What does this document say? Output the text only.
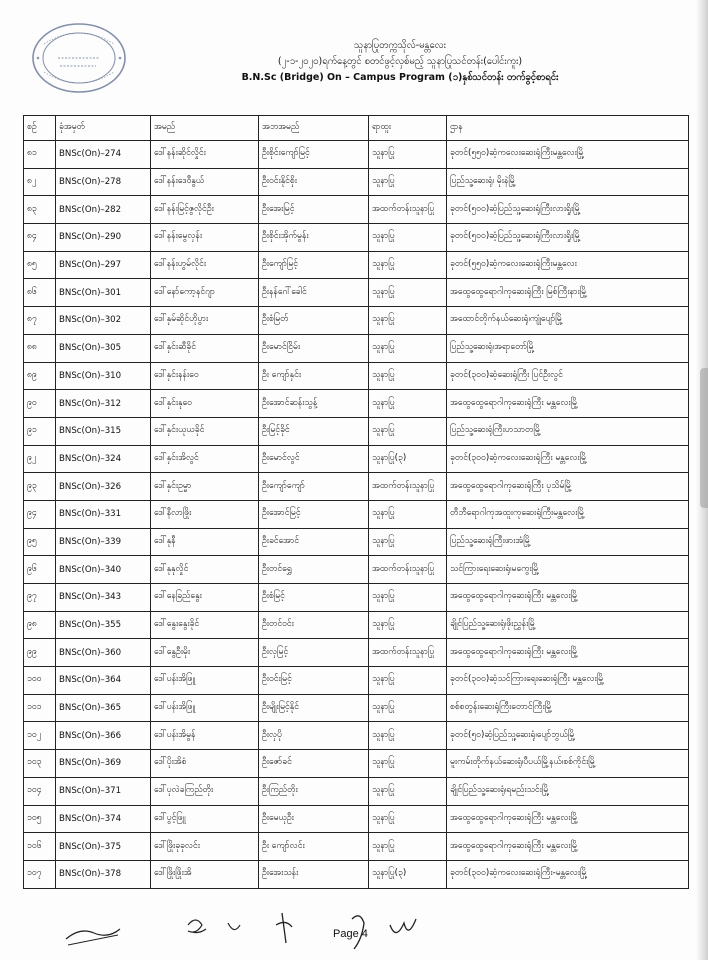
သူနာပြုတက္ကသိုလ်-မန္တလေး
(၂-၁-၂၀၂၀)ရက်နေ့တွင် စတင်ဖွင့်လှစ်မည့် သူနာပြုသင်တန်း(ပေါင်းကူး)
B.N.Sc (Bridge) On – Campus Program (၁)နှစ်သင်တန်း တက်ခွင့်စာရင်း
စဉ်	ခုံအမှတ်	အမည်	အဘအမည်	ရာထူး	ဌာန
၈၁	BNSc(On)–274	ဒေါ်နန်းဆိုင်လှိုင်း	ဦးစိုင်းကျော်မြင့်	သူနာပြု	ခုတင်(၅၅၀)ဆံ့ကလေးဆေးရုံကြီးမန္တလေးမြို့
၈၂	BNSc(On)–278	ဒေါ်နန်းဒေဝီနွယ်	ဦးဝင်းနိုင်စိုး	သူနာပြု	ပြည်သူ့ဆေးရုံ၊ မိုးနဲမြို့
၈၃	BNSc(On)–282	ဒေါ်နန်းမြင့်ဇွလိုင်ဦး	ဦးအေးမြင့်	အထက်တန်းသူနာပြု	ခုတင်(၅၀၀)ဆံ့ပြည်သူ့ဆေးရုံကြီးလားရှိုးမြို့
၈၄	BNSc(On)–290	ဒေါ်နန်းမွေလှန်း	ဦးစိုင်းအိုက်မွန်း	သူနာပြု	ခုတင်(၅၀၀)ဆံ့ပြည်သူ့ဆေးရုံကြီးလားရှိုးမြို့
၈၅	BNSc(On)–297	ဒေါ်နန်းဟွမ်လိုင်း	ဦးကျော်မြင့်	သူနာပြု	ခုတင်(၅၅၀)ဆံ့ကလေးဆေးရုံကြီးမန္တလေး
၈၆	BNSc(On)–301	ဒေါ်နော်ကော့နင်ဂျာ	ဦးနန်ဂေါ်ခေါင်	သူနာပြု	အထွေထွေရောဂါကုဆေးရုံကြီး မြစ်ကြီးနားမြို့
၈၇	BNSc(On)–302	ဒေါ်နှမ်ဆိုင်ဟိုပွား	ဦးစံမြတ်	သူနာပြု	အထောင်တိုက်နယ်ဆေးရုံ၊ကျုံပျော်မြို့
၈၈	BNSc(On)–305	ဒေါ်နှင်းဆီခိုင်	ဦးမောင်ငြိမ်း	သူနာပြု	ပြည်သူ့ဆေးရုံ၊အရာတော်မြို့
၈၉	BNSc(On)–310	ဒေါ်နှင်းနန်းဝေ	ဦး ကျော်နှင်း	သူနာပြု	ခုတင်(၃၀၀)ဆံ့ဆေးရုံကြီး ပြင်ဦးလွင်
၉၀	BNSc(On)–312	ဒေါ်နှင်းနုဝေ	ဦးအောင်ဆန်းသွန့်	သူနာပြု	အထွေထွေရောဂါကုဆေးရုံကြီး မန္တလေးမြို့
၉၁	BNSc(On)–315	ဒေါ်နှင်းယုယခိုင်	ဦးမြင့်ခိုင်	သူနာပြု	ပြည်သူ့ဆေးရုံကြီးဟသာတမြို့
၉၂	BNSc(On)–324	ဒေါ်နှင်းအိလွင်	ဦးမောင်လွင်	သူနာပြု(၃)	ခုတင်(၃၀၀)ဆံ့ကလေးဆေးရုံကြီး မန္တလေးမြို့
၉၃	BNSc(On)–326	ဒေါ်နှင်းဥမ္မာ	ဦးကျော်ကျော်	အထက်တန်းသူနာပြု	အထွေထွေရောဂါကုဆေးရုံကြီး ပုသိမ်မြို့
၉၄	BNSc(On)–331	ဒေါ်နီလာဖြိုး	ဦးအောင်မြင့်	သူနာပြု	တီဘီရောဂါကုအထူးကုဆေးရုံကြီးမန္တလေးမြို့
၉၅	BNSc(On)–339	ဒေါ်နုနီ	ဦးခင်အောင်	သူနာပြု	ပြည်သူ့ဆေးရုံကြီးဖားအံမြို့
၉၆	BNSc(On)–340	ဒေါ်နုနုလှိုင်	ဦးတင်ရွှေ	အထက်တန်းသူနာပြု	သင်ကြားရေးဆေးရုံ၊မကွေးမြို့
၉၇	BNSc(On)–343	ဒေါ်နေခြည်နွေး	ဦးစံမြင့်	သူနာပြု	အထွေထွေရောဂါကုဆေးရုံကြီး မန္တလေးမြို့
၉၈	BNSc(On)–355	ဒေါ်နွေးနွေးခိုင်	ဦးတင်ဝင်း	သူနာပြု	ချိုင်ပြည်သူ့ဆေးရုံ၊ဖိုးညွှန်းမြို့
၉၉	BNSc(On)–360	ဒေါ်နွေဦးမိုး	ဦးလှမြင့်	အထက်တန်းသူနာပြု	အထွေထွေရောဂါကုဆေးရုံကြီး မန္တလေးမြို့
၁၀၀	BNSc(On)–364	ဒေါ်ပန်းအိဖြူ	ဦးဝင်းမြင့်	သူနာပြု	ခုတင်(၃၀၀)ဆံ့သင်ကြားရေးဆေးရုံကြီး မန္တလေးမြို့
၁၀၁	BNSc(On)–365	ဒေါ်ပန်းအိဖြူ	ဦးမျိုးမြင့်နိုင်	သူနာပြု	စစ်စတွန်းဆေးရုံကြီးတောင်ကြီးမြို့
၁၀၂	BNSc(On)–366	ဒေါ်ပန်းအိမွန်	ဦးလှပို	သူနာပြု	ခုတင်(၅၀)ဆံ့ပြည်သူ့ဆေးရုံ၊ပျော်ဘွယ်မြို့
၁၀၃	BNSc(On)–369	ဒေါ်ပိုးအိစံ	ဦးဇော်ခင်	သူနာပြု	မူးကမ်းတိုက်နယ်ဆေးရုံ၊ပီပယ်မြို့နယ်၊စစ်ကိုင်းမြို့
၁၀၄	BNSc(On)–371	ဒေါ်ပုလဲခကြည်တိုး	ဦးကြည်တိုး	သူနာပြု	ချိုင်ပြည်သူ့ဆေးရုံ၊ရမည်းသင်းမြို့
၁၀၅	BNSc(On)–374	ဒေါ်ပွင့်ဖြူ	ဦးမေယုဦး	သူနာပြု	အထွေထွေရောဂါကုဆေးရုံကြီး မန္တလေးမြို့
၁၀၆	BNSc(On)–375	ဒေါ်ဖြိုးခုခုလင်း	ဦး ကျော်လင်း	သူနာပြု	အထွေထွေရောဂါကုဆေးရုံကြီး မန္တလေးမြို့
၁၀၇	BNSc(On)–378	ဒေါ်ဖြိုးဖြိုးအိ	ဦးအေးသန်း	သူနာပြု(၃)	ခုတင်(၃၀၀)ဆံ့ကလေးဆေးရုံကြီး-မန္တလေးမြို့
Page 4
